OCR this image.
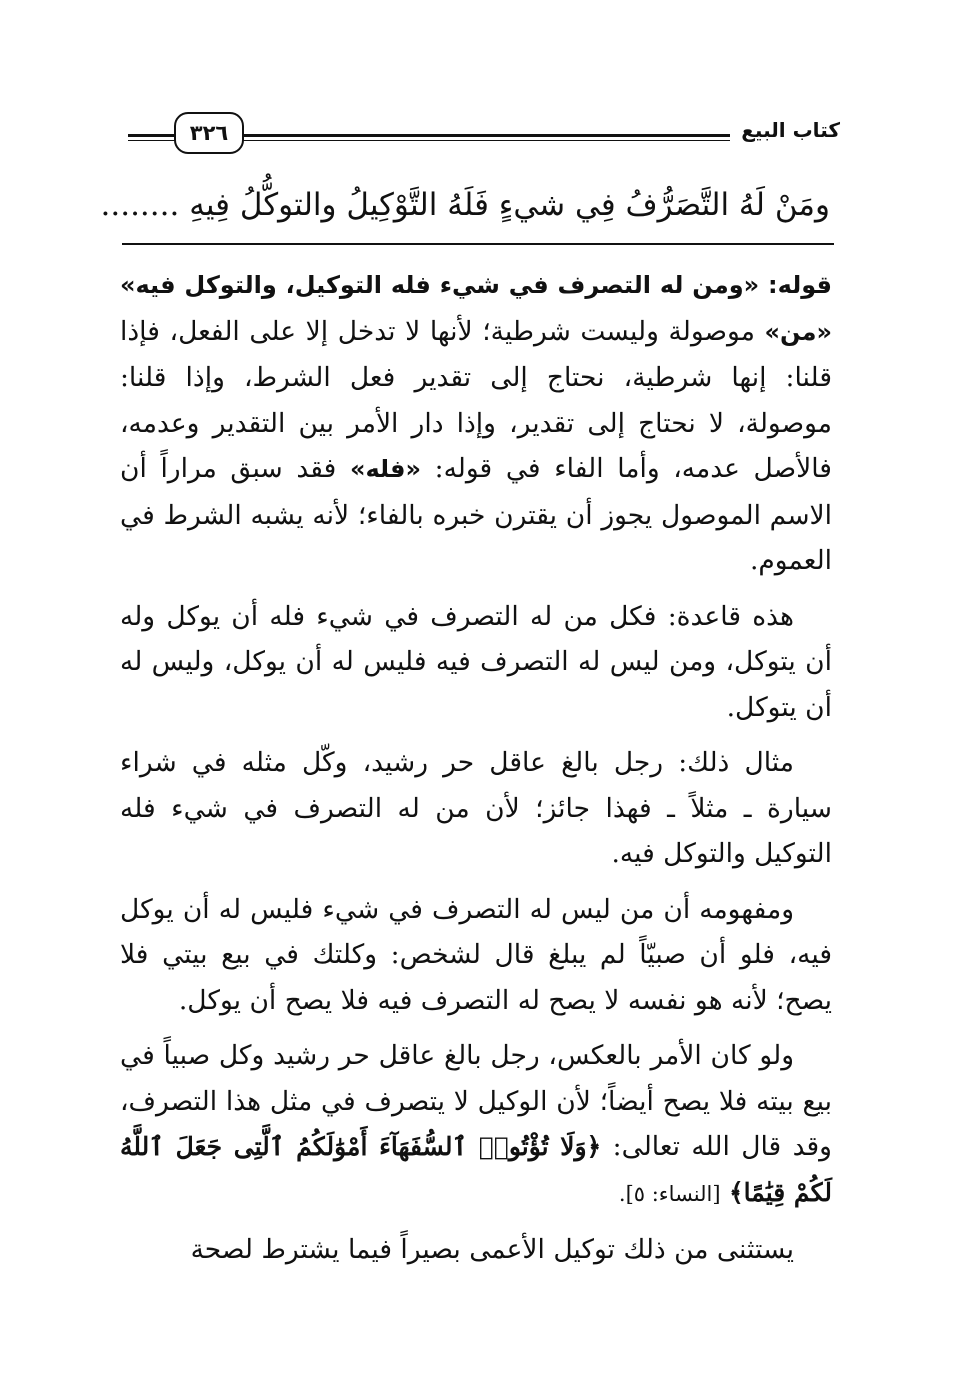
كتاب البيع
٣٢٦
ومَنْ لَهُ التَّصَرُّفُ فِي شيءٍ فَلَهُ التَّوْكِيلُ والتوكُّلُ فِيهِ ........

قوله: «ومن له التصرف في شيء فله التوكيل، والتوكل فيه» «من» موصولة وليست شرطية؛ لأنها لا تدخل إلا على الفعل، فإذا قلنا: إنها شرطية، نحتاج إلى تقدير فعل الشرط، وإذا قلنا: موصولة، لا نحتاج إلى تقدير، وإذا دار الأمر بين التقدير وعدمه، فالأصل عدمه، وأما الفاء في قوله: «فله» فقد سبق مراراً أن الاسم الموصول يجوز أن يقترن خبره بالفاء؛ لأنه يشبه الشرط في العموم.

هذه قاعدة: فكل من له التصرف في شيء فله أن يوكل وله أن يتوكل، ومن ليس له التصرف فيه فليس له أن يوكل، وليس له أن يتوكل.

مثال ذلك: رجل بالغ عاقل حر رشيد، وكّل مثله في شراء سيارة ـ مثلاً ـ فهذا جائز؛ لأن من له التصرف في شيء فله التوكيل والتوكل فيه.

ومفهومه أن من ليس له التصرف في شيء فليس له أن يوكل فيه، فلو أن صبيّاً لم يبلغ قال لشخص: وكلتك في بيع بيتي فلا يصح؛ لأنه هو نفسه لا يصح له التصرف فيه فلا يصح أن يوكل.

ولو كان الأمر بالعكس، رجل بالغ عاقل حر رشيد وكل صبياً في بيع بيته فلا يصح أيضاً؛ لأن الوكيل لا يتصرف في مثل هذا التصرف، وقد قال الله تعالى: ﴿وَلَا تُؤْتُوا۟ ٱلسُّفَهَآءَ أَمْوَٰلَكُمُ ٱلَّتِى جَعَلَ ٱللَّهُ لَكُمْ قِيَٰمًا﴾ [النساء: ٥].

يستثنى من ذلك توكيل الأعمى بصيراً فيما يشترط لصحة
